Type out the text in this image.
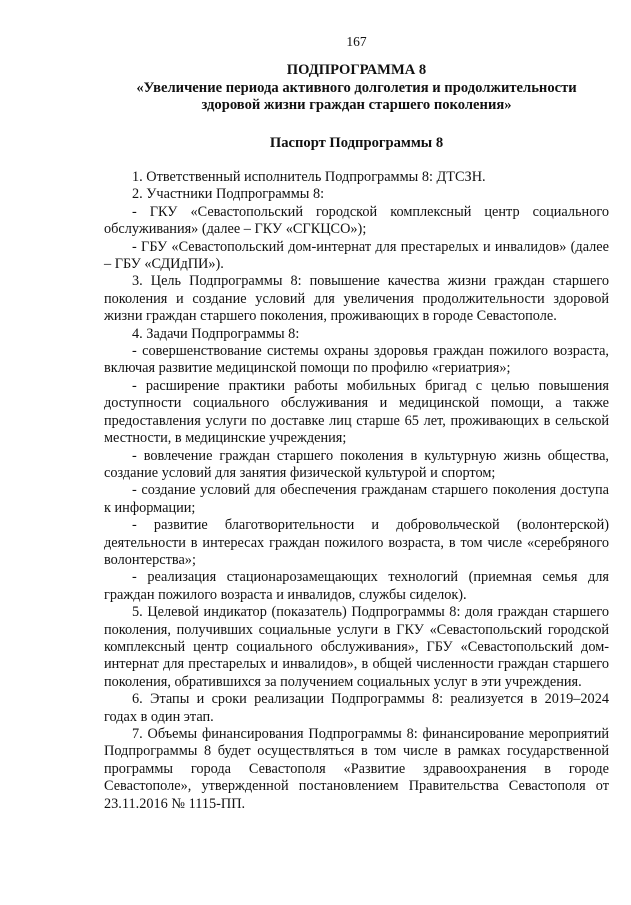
167
ПОДПРОГРАММА 8
«Увеличение периода активного долголетия и продолжительности
здоровой жизни граждан старшего поколения»
Паспорт Подпрограммы 8

1. Ответственный исполнитель Подпрограммы 8: ДТСЗН.

2. Участники Подпрограммы 8:

- ГКУ «Севастопольский городской комплексный центр социального обслуживания» (далее – ГКУ «СГКЦСО»);

- ГБУ «Севастопольский дом-интернат для престарелых и инвалидов» (далее – ГБУ «СДИдПИ»).

3. Цель Подпрограммы 8: повышение качества жизни граждан старшего поколения и создание условий для увеличения продолжительности здоровой жизни граждан старшего поколения, проживающих в городе Севастополе.

4. Задачи Подпрограммы 8:

- совершенствование системы охраны здоровья граждан пожилого возраста, включая развитие медицинской помощи по профилю «гериатрия»;

- расширение практики работы мобильных бригад с целью повышения доступности социального обслуживания и медицинской помощи, а также предоставления услуги по доставке лиц старше 65 лет, проживающих в сельской местности, в медицинские учреждения;

- вовлечение граждан старшего поколения в культурную жизнь общества, создание условий для занятия физической культурой и спортом;

- создание условий для обеспечения гражданам старшего поколения доступа к информации;

- развитие благотворительности и добровольческой (волонтерской) деятельности в интересах граждан пожилого возраста, в том числе «серебряного волонтерства»;

- реализация стационарозамещающих технологий (приемная семья для граждан пожилого возраста и инвалидов, службы сиделок).

5. Целевой индикатор (показатель) Подпрограммы 8: доля граждан старшего поколения, получивших социальные услуги в ГКУ «Севастопольский городской комплексный центр социального обслуживания», ГБУ «Севастопольский дом-интернат для престарелых и инвалидов», в общей численности граждан старшего поколения, обратившихся за получением социальных услуг в эти учреждения.

6. Этапы и сроки реализации Подпрограммы 8: реализуется в 2019–2024 годах в один этап.

7. Объемы финансирования Подпрограммы 8: финансирование мероприятий Подпрограммы 8 будет осуществляться в том числе в рамках государственной программы города Севастополя «Развитие здравоохранения в городе Севастополе», утвержденной постановлением Правительства Севастополя от 23.11.2016 № 1115-ПП.
